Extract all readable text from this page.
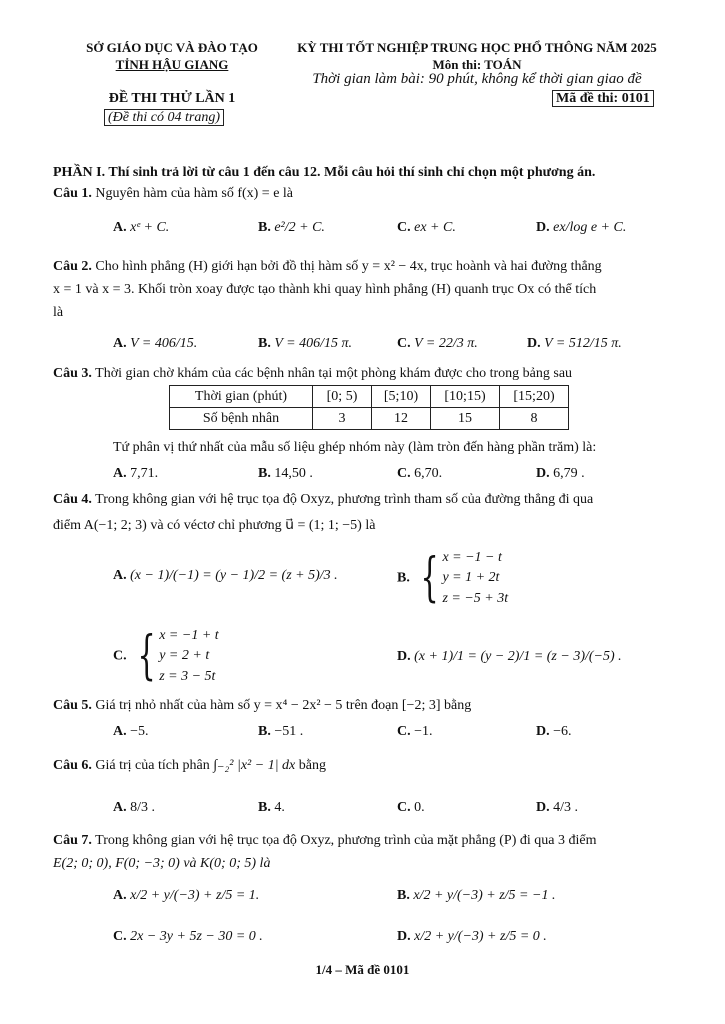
SỞ GIÁO DỤC VÀ ĐÀO TẠO
TỈNH HẬU GIANG
KỲ THI TỐT NGHIỆP TRUNG HỌC PHỔ THÔNG NĂM 2025
Môn thi: TOÁN
Thời gian làm bài: 90 phút, không kể thời gian giao đề
ĐỀ THI THỬ LẦN 1
(Đề thi có 04 trang)
Mã đề thi: 0101
PHẦN I. Thí sinh trả lời từ câu 1 đến câu 12. Mỗi câu hỏi thí sinh chỉ chọn một phương án.
Câu 1. Nguyên hàm của hàm số f(x) = e là
A. xᵉ + C.	B. e²/2 + C.	C. ex + C.	D. ex/log e + C.
Câu 2. Cho hình phẳng (H) giới hạn bởi đồ thị hàm số y = x² − 4x, trục hoành và hai đường thẳng
x = 1 và x = 3. Khối tròn xoay được tạo thành khi quay hình phẳng (H) quanh trục Ox có thể tích
là
A. V = 406/15.	B. V = 406/15 π.	C. V = 22/3 π.	D. V = 512/15 π.
Câu 3. Thời gian chờ khám của các bệnh nhân tại một phòng khám được cho trong bảng sau
Thời gian (phút)	[0; 5)	[5;10)	[10;15)	[15;20)
Số bệnh nhân	3	12	15	8
Tứ phân vị thứ nhất của mẫu số liệu ghép nhóm này (làm tròn đến hàng phần trăm) là:
A. 7,71.	B. 14,50 .	C. 6,70.	D. 6,79 .
Câu 4. Trong không gian với hệ trục tọa độ Oxyz, phương trình tham số của đường thẳng đi qua
điểm A(−1; 2; 3) và có véctơ chỉ phương u⃗ = (1; 1; −5) là
A. (x − 1)/(−1) = (y − 1)/2 = (z + 5)/3 .	B. { x = −1 − t
y = 1 + 2t
z = −5 + 3t
C. { x = −1 + t
y = 2 + t
z = 3 − 5t
D. (x + 1)/1 = (y − 2)/1 = (z − 3)/(−5) .
Câu 5. Giá trị nhỏ nhất của hàm số y = x⁴ − 2x² − 5 trên đoạn [−2; 3] bằng
A. −5.	B. −51 .	C. −1.	D. −6.
Câu 6. Giá trị của tích phân ∫₋₂² |x² − 1| dx bằng
A. 8/3 .	B. 4.	C. 0.	D. 4/3 .
Câu 7. Trong không gian với hệ trục tọa độ Oxyz, phương trình của mặt phẳng (P) đi qua 3 điểm
E(2; 0; 0), F(0; −3; 0) và K(0; 0; 5) là
A. x/2 + y/(−3) + z/5 = 1.	B. x/2 + y/(−3) + z/5 = −1 .
C. 2x − 3y + 5z − 30 = 0 .	D. x/2 + y/(−3) + z/5 = 0 .
1/4 – Mã đề 0101
